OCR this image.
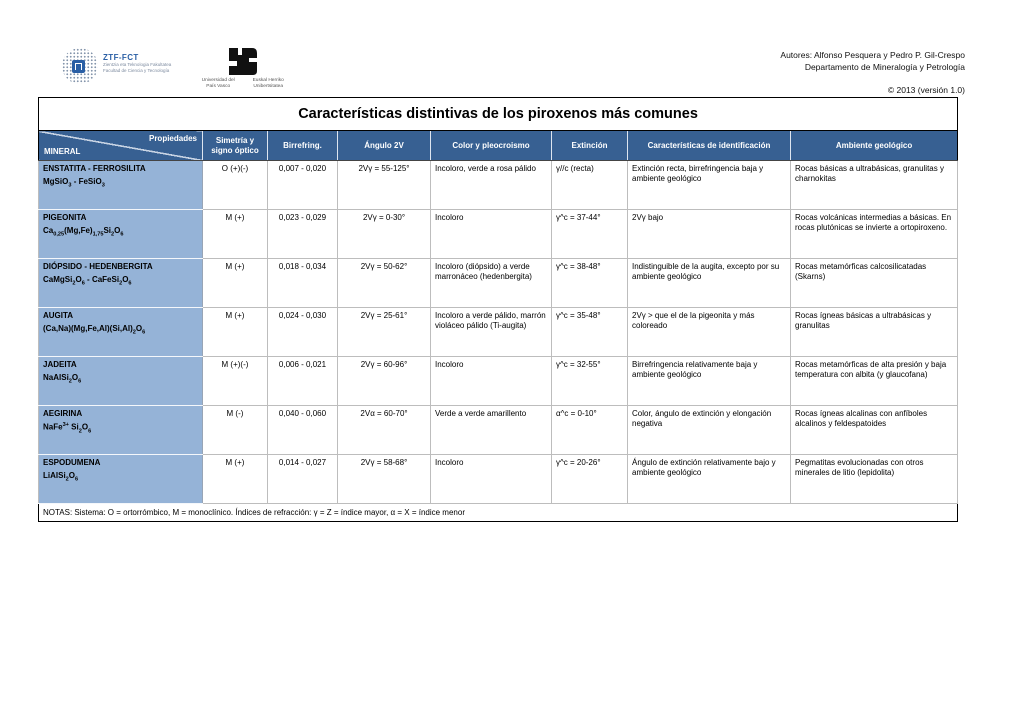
ZTF-FCT
Zientzia eta Teknologia Fakultatea
Facultad de Ciencia y Tecnología
Universidad del País Vasco
Euskal Herriko Unibertsitatea
Autores: Alfonso Pesquera y Pedro P. Gil-Crespo
Departamento de Mineralogía y Petrología
© 2013 (versión 1.0)
Características distintivas de los piroxenos más comunes							

Propiedades
MINERAL	Simetría y signo óptico	Birrefring.	Ángulo 2V	Color y pleocroismo	Extinción	Características de identificación	Ambiente geológico

ENSTATITA - FERROSILITA
MgSiO$_3$ - FeSiO$_3$	O (+)(-)	0,007 - 0,020	2Vγ = 55-125°	Incoloro, verde a rosa pálido	γ//c (recta)	Extinción recta, birrefringencia baja y ambiente geológico	Rocas básicas a ultrabásicas, granulitas y charnokitas

PIGEONITA
$Ca_{0,25}(Mg,Fe)_{1,75}Si_2O_6$	M (+)	0,023 - 0,029	2Vγ = 0-30°	Incoloro	γ^c = 37-44°	2Vγ bajo	Rocas volcánicas intermedias a básicas. En rocas plutónicas se invierte a ortopiroxeno.

DIÓPSIDO - HEDENBERGITA
$CaMgSi_2O_6$ - $CaFeSi_2O_6$	M (+)	0,018 - 0,034	2Vγ = 50-62°	Incoloro (diópsido) a verde marronáceo (hedenbergita)	γ^c = 38-48°	Indistinguible de la augita, excepto por su ambiente geológico	Rocas metamórficas calcosilicatadas (Skarns)

AUGITA
$(Ca,Na)(Mg,Fe,Al)(Si,Al)_2O_6$	M (+)	0,024 - 0,030	2Vγ = 25-61°	Incoloro a verde pálido, marrón violáceo pálido (Ti-augita)	γ^c = 35-48°	2Vγ > que el de la pigeonita y más coloreado	Rocas ígneas básicas a ultrabásicas y granulitas

JADEITA
$NaAlSi_2O_6$	M (+)(-)	0,006 - 0,021	2Vγ = 60-96°	Incoloro	γ^c = 32-55°	Birrefringencia relativamente baja y ambiente geológico	Rocas metamórficas de alta presión y baja temperatura con albita (y glaucofana)

AEGIRINA
NaFe$^{3+}$ $Si_2O_6$	M (-)	0,040 - 0,060	2Vα = 60-70°	Verde a verde amarillento	α^c = 0-10°	Color, ángulo de extinción y elongación negativa	Rocas ígneas alcalinas con anfíboles alcalinos y feldespatoides

ESPODUMENA
$LiAlSi_2O_6$	M (+)	0,014 - 0,027	2Vγ = 58-68°	Incoloro	γ^c = 20-26°	Ángulo de extinción relativamente bajo y ambiente geológico	Pegmatitas evolucionadas con otros minerales de litio (lepidolita)
NOTAS: Sistema: O = ortorrómbico, M = monoclínico. Índices de refracción: γ = Z = índice mayor, α = X = índice menor							
